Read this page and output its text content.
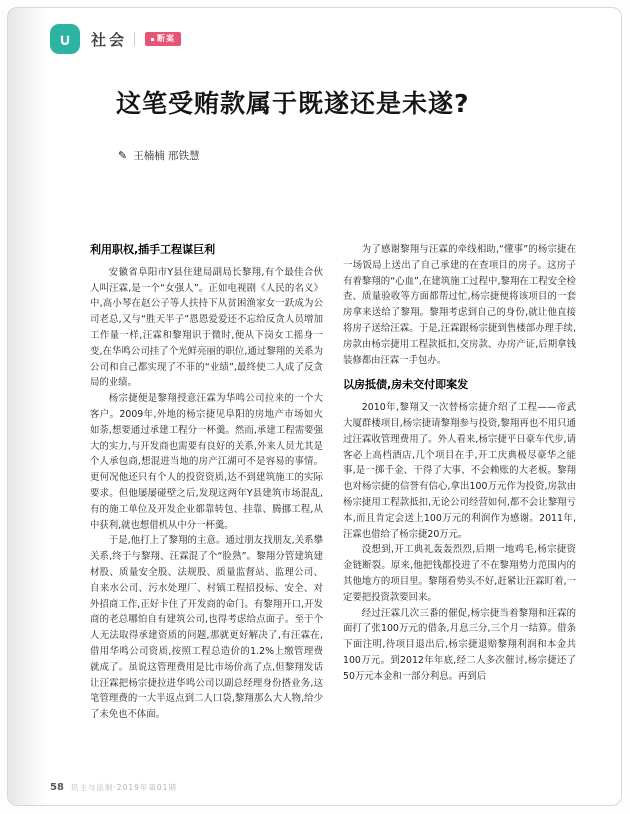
∪ 社会	断案
这笔受贿款属于既遂还是未遂?
✎ 王楠楠 邢铁慧
利用职权,插手工程谋巨利

安徽省阜阳市Y县住建局副局长黎翔,有个最佳合伙人叫汪霖,是一个“女强人”。正如电视剧《人民的名义》中,高小琴在赵公子等人扶持下从贫困渔家女一跃成为公司老总,又与“胜天半子”恩恩爱爱还不忘给反贪人员增加工作量一样,汪霖和黎翔识于微时,便从下岗女工摇身一变,在华鸣公司挂了个光鲜亮丽的职位,通过黎翔的关系为公司和自己都实现了不菲的“业绩”,最终使二人成了反贪局的业绩。

杨宗捷便是黎翔授意汪霖为华鸣公司拉来的一个大客户。2009年,外地的杨宗捷见阜阳的房地产市场如火如荼,想要通过承建工程分一杯羹。然而,承建工程需要强大的实力,与开发商也需要有良好的关系,外来人员尤其是个人承包商,想混进当地的房产江湖可不是容易的事情。更何况他还只有个人的投资资质,达不到建筑施工的实际要求。但他屡屡碰壁之后,发现这两年Y县建筑市场混乱,有的施工单位及开发企业都靠转包、挂靠、腾挪工程,从中获利,就也想借机从中分一杯羹。

于是,他打上了黎翔的主意。通过朋友找朋友,关系攀关系,终于与黎翔、汪霖混了个“脸熟”。黎翔分管建筑建材股、质量安全股、法规股、质量监督站、监理公司、自来水公司、污水处理厂、村镇工程招投标、安全、对外招商工作,正好卡住了开发商的命门。有黎翔开口,开发商的老总哪怕自有建筑公司,也得考虑给点面子。至于个人无法取得承建资质的问题,那就更好解决了,有汪霖在,借用华鸣公司资质,按照工程总造价的1.2%上缴管理费就成了。虽说这管理费用是比市场价高了点,但黎翔发话让汪霖把杨宗捷拉进华鸣公司以副总经理身份搭业务,这笔管理费的一大半返点到二人口袋,黎翔那么大人物,给少了未免也不体面。

为了感谢黎翔与汪霖的牵线相助,“懂事”的杨宗捷在一场饭局上送出了自己承建的在查项目的房子。这房子有着黎翔的“心血”,在建筑施工过程中,黎翔在工程安全检查、质量验收等方面都帮过忙,杨宗捷便将该项目的一套房拿来送给了黎翔。黎翔考虑到自己的身份,就让他直接将房子送给汪霖。于是,汪霖跟杨宗捷到售楼部办理手续,房款由杨宗捷用工程款抵扣,交房款、办房产证,后期拿钱装修都由汪霖一手包办。

以房抵债,房未交付即案发

2010年,黎翔又一次替杨宗捷介绍了工程——帝武大厦群楼项目,杨宗捷请黎翔参与投资,黎翔再也不用只通过汪霖收管理费用了。外人看来,杨宗捷平日豪车代步,请客必上高档酒店,几个项目在手,开工庆典极尽豪华之能事,是一掷千金、干得了大事、不会赖账的大老板。黎翔也对杨宗捷的信誉有信心,拿出100万元作为投资,房款由杨宗捷用工程款抵扣,无论公司经营如何,都不会让黎翔亏本,而且肯定会送上100万元的利润作为感谢。2011年,汪霖也借给了杨宗捷20万元。

没想到,开工典礼轰轰烈烈,后期一地鸡毛,杨宗捷资金链断裂。原来,他把钱都投进了不在黎翔势力范围内的其他地方的项目里。黎翔看势头不好,赶紧让汪霖盯着,一定要把投资款要回来。

经过汪霖几次三番的催促,杨宗捷当着黎翔和汪霖的面打了张100万元的借条,月息三分,三个月一结算。借条下面注明,待项目退出后,杨宗捷退赔黎翔利润和本金共100万元。到2012年年底,经二人多次催讨,杨宗捷还了50万元本金和一部分利息。再到后

58 民主与法制·2019年第01期
